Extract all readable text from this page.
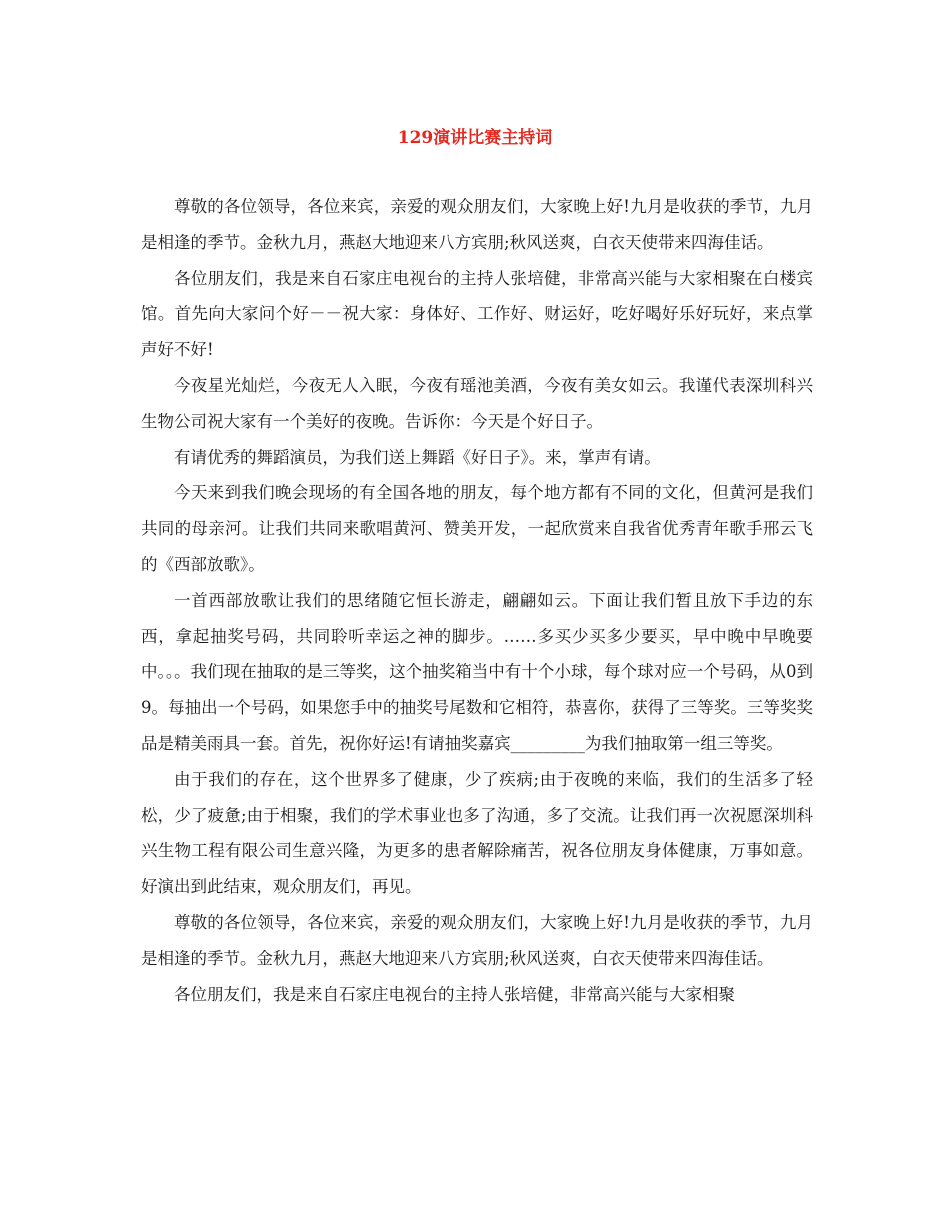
129演讲比赛主持词

尊敬的各位领导，各位来宾，亲爱的观众朋友们，大家晚上好!九月是收获的季节，九月是相逢的季节。金秋九月，燕赵大地迎来八方宾朋;秋风送爽，白衣天使带来四海佳话。

各位朋友们，我是来自石家庄电视台的主持人张培健，非常高兴能与大家相聚在白楼宾馆。首先向大家问个好－－祝大家：身体好、工作好、财运好，吃好喝好乐好玩好，来点掌声好不好!

今夜星光灿烂，今夜无人入眠，今夜有瑶池美酒，今夜有美女如云。我谨代表深圳科兴生物公司祝大家有一个美好的夜晚。告诉你：今天是个好日子。

有请优秀的舞蹈演员，为我们送上舞蹈《好日子》。来，掌声有请。

今天来到我们晚会现场的有全国各地的朋友，每个地方都有不同的文化，但黄河是我们共同的母亲河。让我们共同来歌唱黄河、赞美开发，一起欣赏来自我省优秀青年歌手邢云飞的《西部放歌》。

一首西部放歌让我们的思绪随它恒长游走，翩翩如云。下面让我们暂且放下手边的东西，拿起抽奖号码，共同聆听幸运之神的脚步。……多买少买多少要买，早中晚中早晚要中。。。我们现在抽取的是三等奖，这个抽奖箱当中有十个小球，每个球对应一个号码，从0到9。每抽出一个号码，如果您手中的抽奖号尾数和它相符，恭喜你，获得了三等奖。三等奖奖品是精美雨具一套。首先，祝你好运!有请抽奖嘉宾_________为我们抽取第一组三等奖。

由于我们的存在，这个世界多了健康，少了疾病;由于夜晚的来临，我们的生活多了轻松，少了疲惫;由于相聚，我们的学术事业也多了沟通，多了交流。让我们再一次祝愿深圳科兴生物工程有限公司生意兴隆，为更多的患者解除痛苦，祝各位朋友身体健康，万事如意。好演出到此结束，观众朋友们，再见。

尊敬的各位领导，各位来宾，亲爱的观众朋友们，大家晚上好!九月是收获的季节，九月是相逢的季节。金秋九月，燕赵大地迎来八方宾朋;秋风送爽，白衣天使带来四海佳话。

各位朋友们，我是来自石家庄电视台的主持人张培健，非常高兴能与大家相聚
